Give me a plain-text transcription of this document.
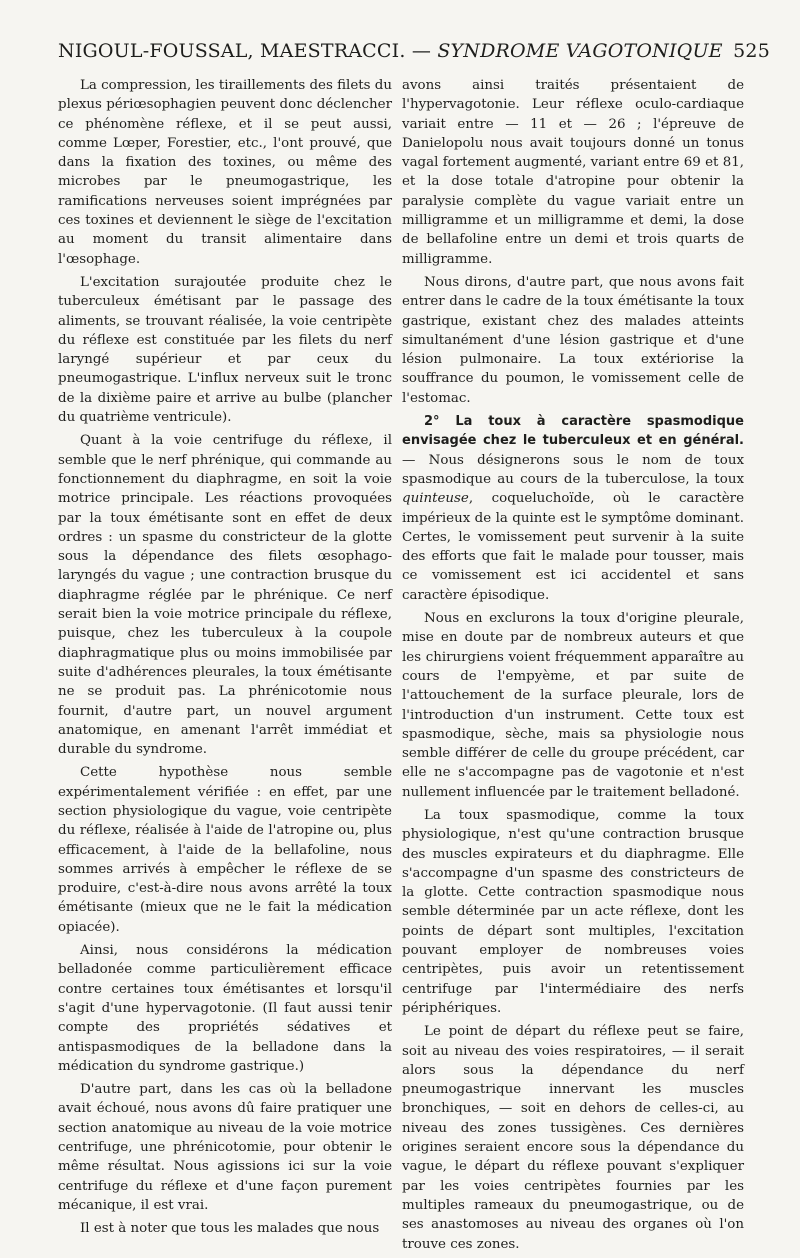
NIGOUL-FOUSSAL, MAESTRACCI. — SYNDROME VAGOTONIQUE 525

La compression, les tiraillements des filets du plexus périœsophagien peuvent donc déclencher ce phénomène réflexe, et il se peut aussi, comme Lœper, Forestier, etc., l'ont prouvé, que dans la fixation des toxines, ou même des microbes par le pneumogastrique, les ramifications nerveuses soient imprégnées par ces toxines et deviennent le siège de l'excitation au moment du transit alimentaire dans l'œsophage.

L'excitation surajoutée produite chez le tuberculeux émétisant par le passage des aliments, se trouvant réalisée, la voie centripète du réflexe est constituée par les filets du nerf laryngé supérieur et par ceux du pneumogastrique. L'influx nerveux suit le tronc de la dixième paire et arrive au bulbe (plancher du quatrième ventricule).

Quant à la voie centrifuge du réflexe, il semble que le nerf phrénique, qui commande au fonctionnement du diaphragme, en soit la voie motrice principale. Les réactions provoquées par la toux émétisante sont en effet de deux ordres : un spasme du constricteur de la glotte sous la dépendance des filets œsophago-laryngés du vague ; une contraction brusque du diaphragme réglée par le phrénique. Ce nerf serait bien la voie motrice principale du réflexe, puisque, chez les tuberculeux à la coupole diaphragmatique plus ou moins immobilisée par suite d'adhérences pleurales, la toux émétisante ne se produit pas. La phrénicotomie nous fournit, d'autre part, un nouvel argument anatomique, en amenant l'arrêt immédiat et durable du syndrome.

Cette hypothèse nous semble expérimentalement vérifiée : en effet, par une section physiologique du vague, voie centripète du réflexe, réalisée à l'aide de l'atropine ou, plus efficacement, à l'aide de la bellafoline, nous sommes arrivés à empêcher le réflexe de se produire, c'est-à-dire nous avons arrêté la toux émétisante (mieux que ne le fait la médication opiacée).

Ainsi, nous considérons la médication belladonée comme particulièrement efficace contre certaines toux émétisantes et lorsqu'il s'agit d'une hypervagotonie. (Il faut aussi tenir compte des propriétés sédatives et antispasmodiques de la belladone dans la médication du syndrome gastrique.)

D'autre part, dans les cas où la belladone avait échoué, nous avons dû faire pratiquer une section anatomique au niveau de la voie motrice centrifuge, une phrénicotomie, pour obtenir le même résultat. Nous agissions ici sur la voie centrifuge du réflexe et d'une façon purement mécanique, il est vrai.

Il est à noter que tous les malades que nous

avons ainsi traités présentaient de l'hypervagotonie. Leur réflexe oculo-cardiaque variait entre — 11 et — 26 ; l'épreuve de Danielopolu nous avait toujours donné un tonus vagal fortement augmenté, variant entre 69 et 81, et la dose totale d'atropine pour obtenir la paralysie complète du vague variait entre un milligramme et un milligramme et demi, la dose de bellafoline entre un demi et trois quarts de milligramme.

Nous dirons, d'autre part, que nous avons fait entrer dans le cadre de la toux émétisante la toux gastrique, existant chez des malades atteints simultanément d'une lésion gastrique et d'une lésion pulmonaire. La toux extériorise la souffrance du poumon, le vomissement celle de l'estomac.

2° La toux à caractère spasmodique envisagée chez le tuberculeux et en général. — Nous désignerons sous le nom de toux spasmodique au cours de la tuberculose, la toux quinteuse, coqueluchoïde, où le caractère impérieux de la quinte est le symptôme dominant. Certes, le vomissement peut survenir à la suite des efforts que fait le malade pour tousser, mais ce vomissement est ici accidentel et sans caractère épisodique.

Nous en exclurons la toux d'origine pleurale, mise en doute par de nombreux auteurs et que les chirurgiens voient fréquemment apparaître au cours de l'empyème, et par suite de l'attouchement de la surface pleurale, lors de l'introduction d'un instrument. Cette toux est spasmodique, sèche, mais sa physiologie nous semble différer de celle du groupe précédent, car elle ne s'accompagne pas de vagotonie et n'est nullement influencée par le traitement belladoné.

La toux spasmodique, comme la toux physiologique, n'est qu'une contraction brusque des muscles expirateurs et du diaphragme. Elle s'accompagne d'un spasme des constricteurs de la glotte. Cette contraction spasmodique nous semble déterminée par un acte réflexe, dont les points de départ sont multiples, l'excitation pouvant employer de nombreuses voies centripètes, puis avoir un retentissement centrifuge par l'intermédiaire des nerfs périphériques.

Le point de départ du réflexe peut se faire, soit au niveau des voies respiratoires, — il serait alors sous la dépendance du nerf pneumogastrique innervant les muscles bronchiques, — soit en dehors de celles-ci, au niveau des zones tussigènes. Ces dernières origines seraient encore sous la dépendance du vague, le départ du réflexe pouvant s'expliquer par les voies centripètes fournies par les multiples rameaux du pneumogastrique, ou de ses anastomoses au niveau des organes où l'on trouve ces zones.
